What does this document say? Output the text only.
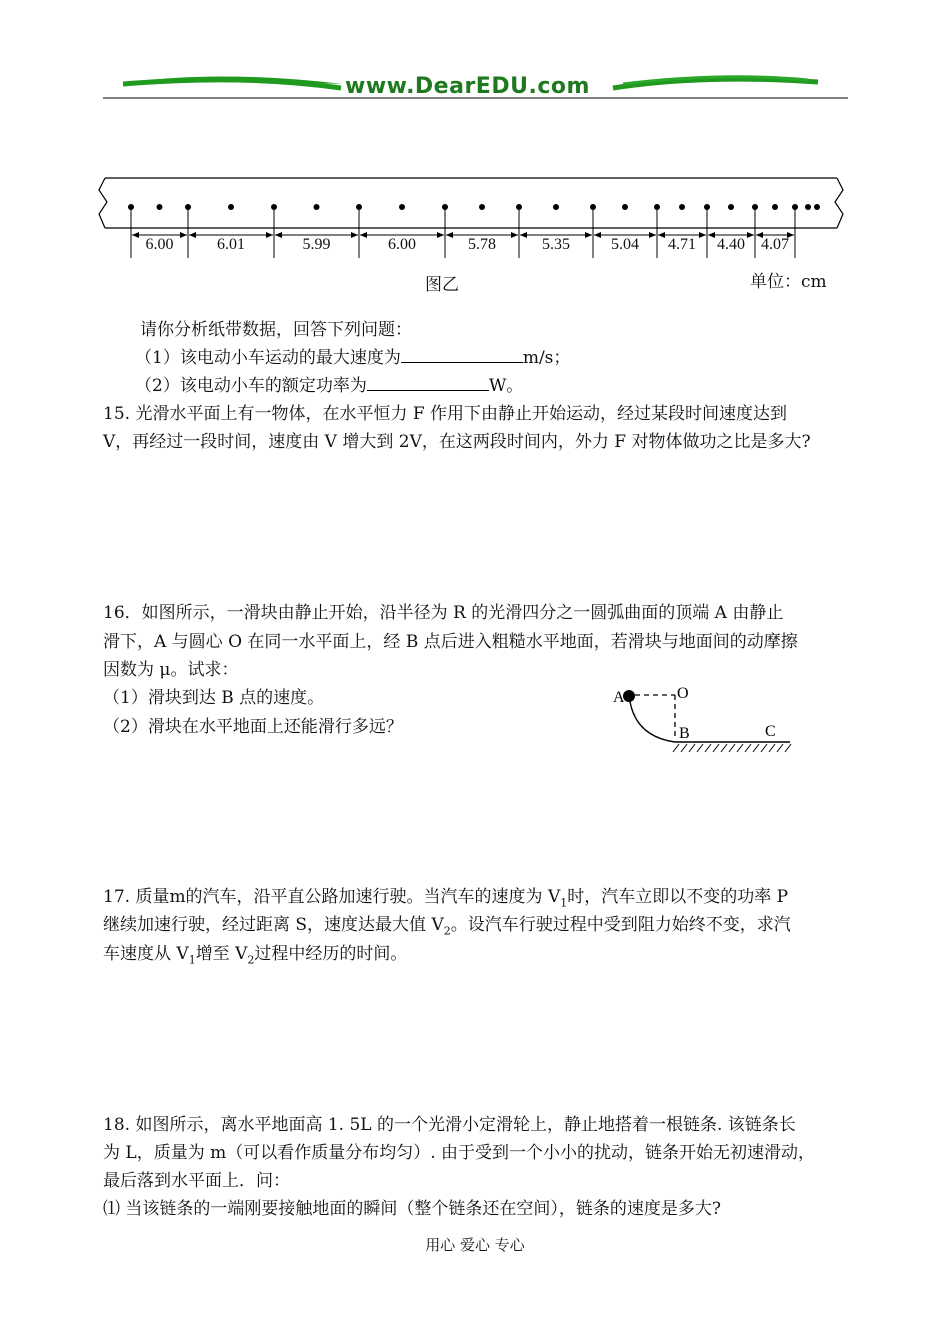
www.DearEDU.com
6.00	6.01	5.99	6.00	5.78	5.35	5.04	4.71	4.40	4.07
图乙	单位：cm
请你分析纸带数据，回答下列问题：
（1）该电动小车运动的最大速度为	m/s；
（2）该电动小车的额定功率为	W。
15. 光滑水平面上有一物体，在水平恒力 F 作用下由静止开始运动，经过某段时间速度达到
V，再经过一段时间，速度由 V 增大到 2V，在这两段时间内，外力 F 对物体做功之比是多大?
16．如图所示，一滑块由静止开始，沿半径为 R 的光滑四分之一圆弧曲面的顶端 A 由静止
滑下，A 与圆心 O 在同一水平面上，经 B 点后进入粗糙水平地面，若滑块与地面间的动摩擦
因数为 μ。试求：
（1）滑块到达 B 点的速度。
（2）滑块在水平地面上还能滑行多远？
A	O
B	C
17. 质量m的汽车，沿平直公路加速行驶。当汽车的速度为 $V_1$时，汽车立即以不变的功率 P
继续加速行驶，经过距离 S，速度达最大值 $V_2$。设汽车行驶过程中受到阻力始终不变，求汽
车速度从 $V_1$增至 $V_2$过程中经历的时间。
18. 如图所示，离水平地面高 1. 5L 的一个光滑小定滑轮上，静止地搭着一根链条. 该链条长
为 L，质量为 m（可以看作质量分布均匀）. 由于受到一个小小的扰动，链条开始无初速滑动，
最后落到水平面上．问：
⑴ 当该链条的一端刚要接触地面的瞬间（整个链条还在空间），链条的速度是多大?
用心 爱心 专心
